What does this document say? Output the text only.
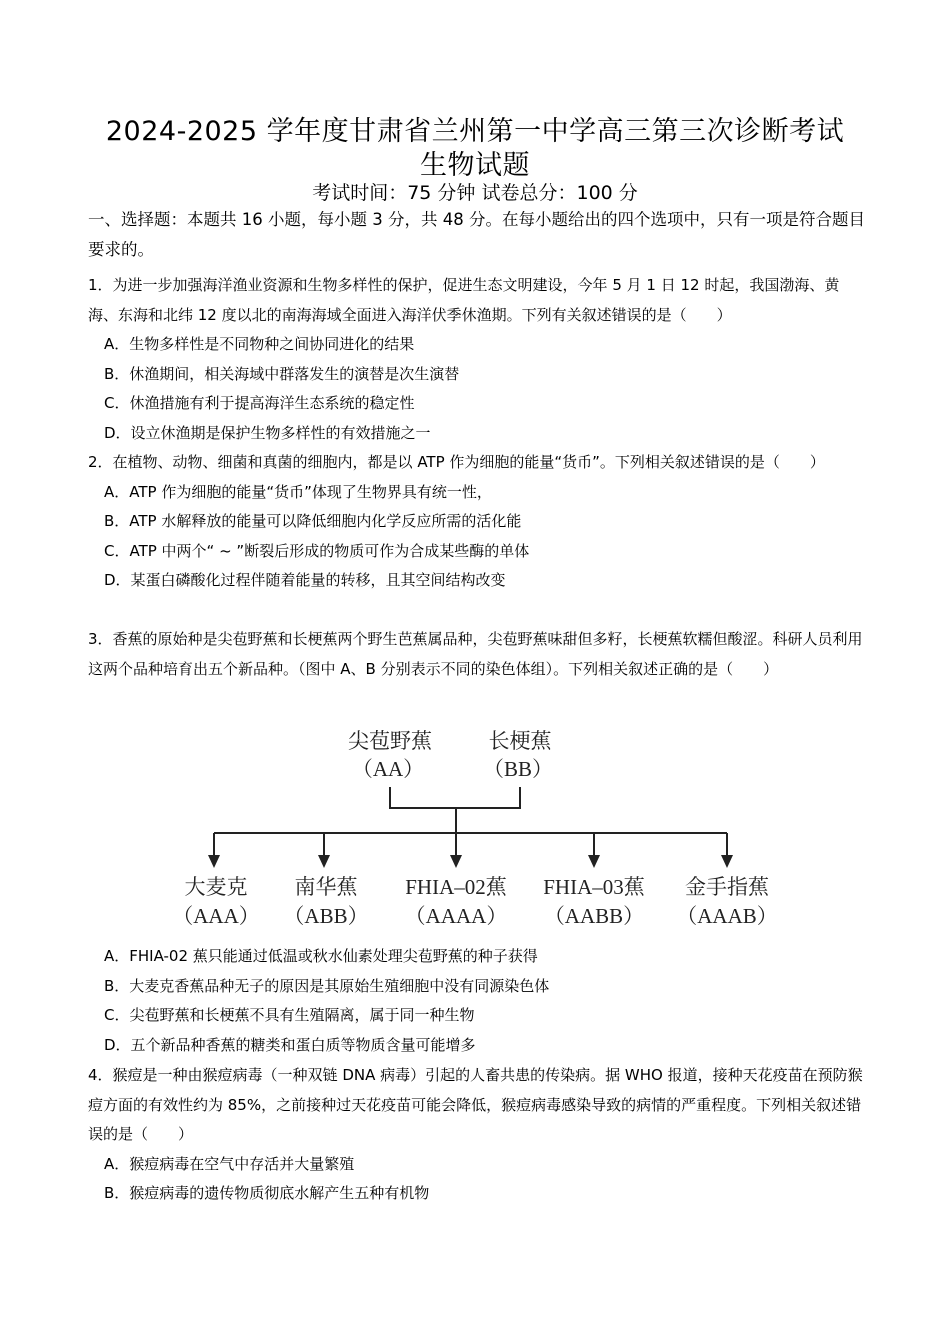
2024-2025 学年度甘肃省兰州第一中学高三第三次诊断考试
生物试题
考试时间：75 分钟 试卷总分：100 分
一、选择题：本题共 16 小题，每小题 3 分，共 48 分。在每小题给出的四个选项中，只有一项是符合题目要求的。
1．为进一步加强海洋渔业资源和生物多样性的保护，促进生态文明建设，今年 5 月 1 日 12 时起，我国渤海、黄海、东海和北纬 12 度以北的南海海域全面进入海洋伏季休渔期。下列有关叙述错误的是（　　）
A．生物多样性是不同物种之间协同进化的结果
B．休渔期间，相关海域中群落发生的演替是次生演替
C．休渔措施有利于提高海洋生态系统的稳定性
D．设立休渔期是保护生物多样性的有效措施之一
2．在植物、动物、细菌和真菌的细胞内，都是以 ATP 作为细胞的能量“货币”。下列相关叙述错误的是（　　）
A．ATP 作为细胞的能量“货币”体现了生物界具有统一性，
B．ATP 水解释放的能量可以降低细胞内化学反应所需的活化能
C．ATP 中两个“ ~ ”断裂后形成的物质可作为合成某些酶的单体
D．某蛋白磷酸化过程伴随着能量的转移，且其空间结构改变
3．香蕉的原始种是尖苞野蕉和长梗蕉两个野生芭蕉属品种，尖苞野蕉味甜但多籽，长梗蕉软糯但酸涩。科研人员利用这两个品种培育出五个新品种。（图中 A、B 分别表示不同的染色体组）。下列相关叙述正确的是（　　）
尖苞野蕉
（AA）
长梗蕉
（BB）
大麦克
（AAA）
南华蕉
（ABB）
FHIA–02蕉
（AAAA）
FHIA–03蕉
（AABB）
金手指蕉
（AAAB）
A．FHIA-02 蕉只能通过低温或秋水仙素处理尖苞野蕉的种子获得
B．大麦克香蕉品种无子的原因是其原始生殖细胞中没有同源染色体
C．尖苞野蕉和长梗蕉不具有生殖隔离，属于同一种生物
D．五个新品种香蕉的糖类和蛋白质等物质含量可能增多
4．猴痘是一种由猴痘病毒（一种双链 DNA 病毒）引起的人畜共患的传染病。据 WHO 报道，接种天花疫苗在预防猴痘方面的有效性约为 85%，之前接种过天花疫苗可能会降低，猴痘病毒感染导致的病情的严重程度。下列相关叙述错误的是（　　）
A．猴痘病毒在空气中存活并大量繁殖
B．猴痘病毒的遗传物质彻底水解产生五种有机物
